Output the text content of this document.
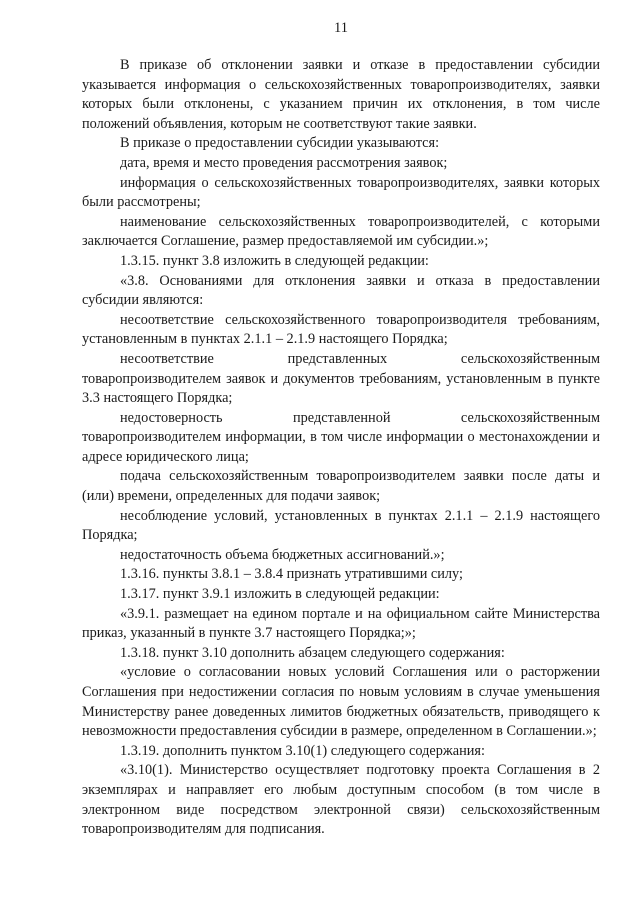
11

В приказе об отклонении заявки и отказе в предоставлении субсидии указывается информация о сельскохозяйственных товаропроизводителях, заявки которых были отклонены, с указанием причин их отклонения, в том числе положений объявления, которым не соответствуют такие заявки.

В приказе о предоставлении субсидии указываются:

дата, время и место проведения рассмотрения заявок;

информация о сельскохозяйственных товаропроизводителях, заявки которых были рассмотрены;

наименование сельскохозяйственных товаропроизводителей, с которыми заключается Соглашение, размер предоставляемой им субсидии.»;

1.3.15. пункт 3.8 изложить в следующей редакции:

«3.8. Основаниями для отклонения заявки и отказа в предоставлении субсидии являются:

несоответствие сельскохозяйственного товаропроизводителя требованиям, установленным в пунктах 2.1.1 – 2.1.9 настоящего Порядка;

несоответствие представленных сельскохозяйственным товаропроизводителем заявок и документов требованиям, установленным в пункте 3.3 настоящего Порядка;

недостоверность представленной сельскохозяйственным товаропроизводителем информации, в том числе информации о местонахождении и адресе юридического лица;

подача сельскохозяйственным товаропроизводителем заявки после даты и (или) времени, определенных для подачи заявок;

несоблюдение условий, установленных в пунктах 2.1.1 – 2.1.9 настоящего Порядка;

недостаточность объема бюджетных ассигнований.»;

1.3.16. пункты 3.8.1 – 3.8.4 признать утратившими силу;

1.3.17. пункт 3.9.1 изложить в следующей редакции:

«3.9.1. размещает на едином портале и на официальном сайте Министерства приказ, указанный в пункте 3.7 настоящего Порядка;»;

1.3.18. пункт 3.10 дополнить абзацем следующего содержания:

«условие о согласовании новых условий Соглашения или о расторжении Соглашения при недостижении согласия по новым условиям в случае уменьшения Министерству ранее доведенных лимитов бюджетных обязательств, приводящего к невозможности предоставления субсидии в размере, определенном в Соглашении.»;

1.3.19. дополнить пунктом 3.10(1) следующего содержания:

«3.10(1). Министерство осуществляет подготовку проекта Соглашения в 2 экземплярах и направляет его любым доступным способом (в том числе в электронном виде посредством электронной связи) сельскохозяйственным товаропроизводителям для подписания.
